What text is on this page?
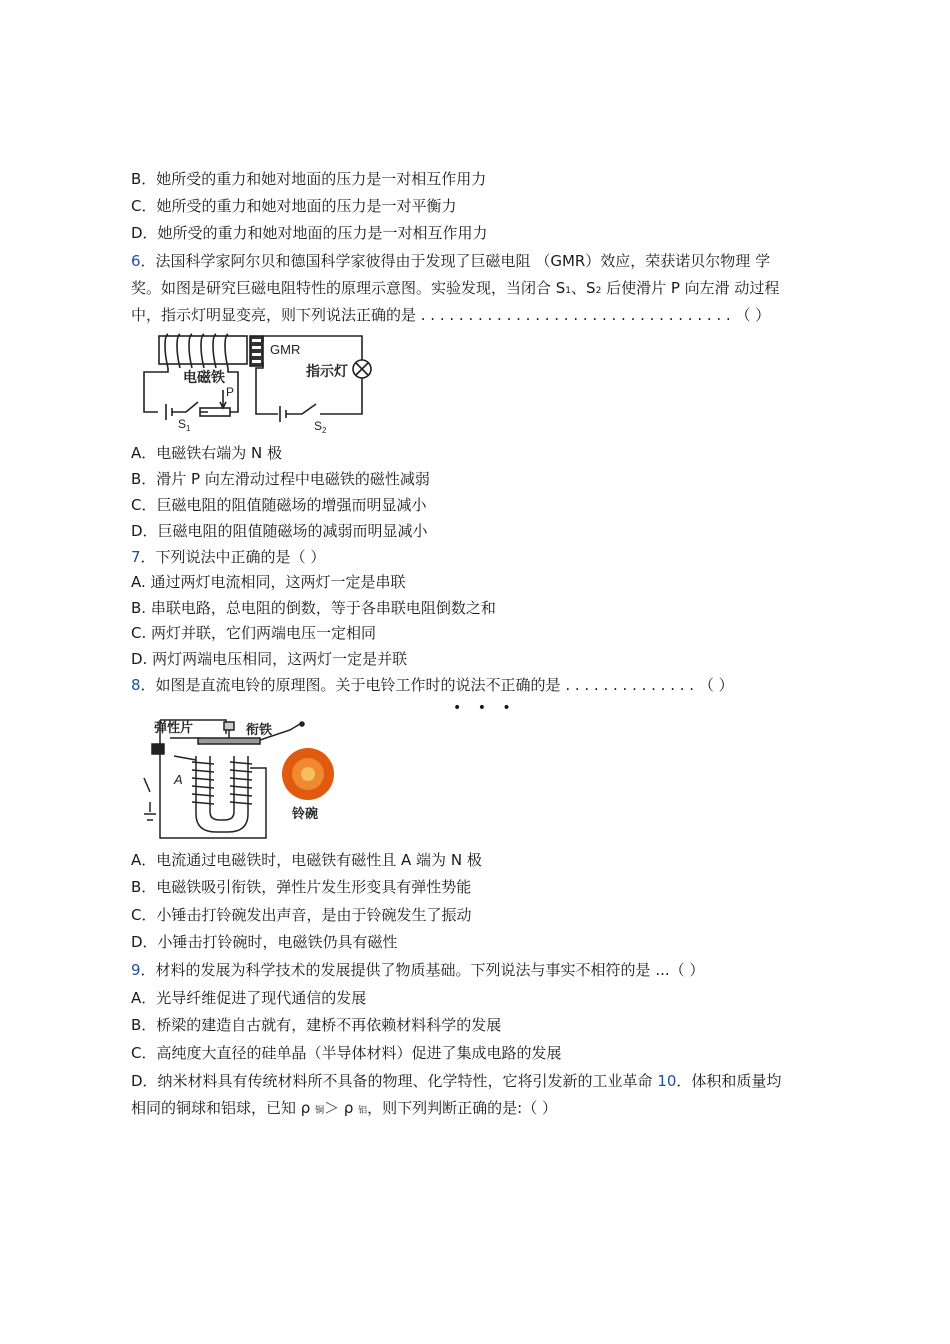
B．她所受的重力和她对地面的压力是一对相互作用力
C．她所受的重力和她对地面的压力是一对平衡力
D．她所受的重力和她对地面的压力是一对相互作用力
6．法国科学家阿尔贝和德国科学家彼得由于发现了巨磁电阻 （GMR）效应，荣获诺贝尔物理 学
奖。如图是研究巨磁电阻特性的原理示意图。实验发现，当闭合 S1、S2 后使滑片 P 向左滑 动过程
中，指示灯明显变亮，则下列说法正确的是 . . . . . . . . . . . . . . . . . . . . . . . . . . . . . . . . . （ ）
GMR
电磁铁	指示灯
P
$S_1$	$S_2$
A．电磁铁右端为 N 极
B．滑片 P 向左滑动过程中电磁铁的磁性减弱
C．巨磁电阻的阻值随磁场的增强而明显减小
D．巨磁电阻的阻值随磁场的减弱而明显减小
7．下列说法中正确的是（ ）
A. 通过两灯电流相同，这两灯一定是串联
B. 串联电路，总电阻的倒数，等于各串联电阻倒数之和
C. 两灯并联，它们两端电压一定相同
D. 两灯两端电压相同，这两灯一定是并联
8．如图是直流电铃的原理图。关于电铃工作时的说法不正确的是 . . . . . . . . . . . . . . （ ）
• • •
弹性片	衔铁
A
铃碗
A．电流通过电磁铁时，电磁铁有磁性且 A 端为 N 极
B．电磁铁吸引衔铁，弹性片发生形变具有弹性势能
C．小锤击打铃碗发出声音，是由于铃碗发生了振动
D．小锤击打铃碗时，电磁铁仍具有磁性
9．材料的发展为科学技术的发展提供了物质基础。下列说法与事实不相符的是 ...（ ）
A．光导纤维促进了现代通信的发展
B．桥梁的建造自古就有，建桥不再依赖材料科学的发展
C．高纯度大直径的硅单晶（半导体材料）促进了集成电路的发展
D．纳米材料具有传统材料所不具备的物理、化学特性，它将引发新的工业革命 10．体积和质量均
相同的铜球和铝球，已知 ρ 铜＞ ρ 铝，则下列判断正确的是:（ ）
